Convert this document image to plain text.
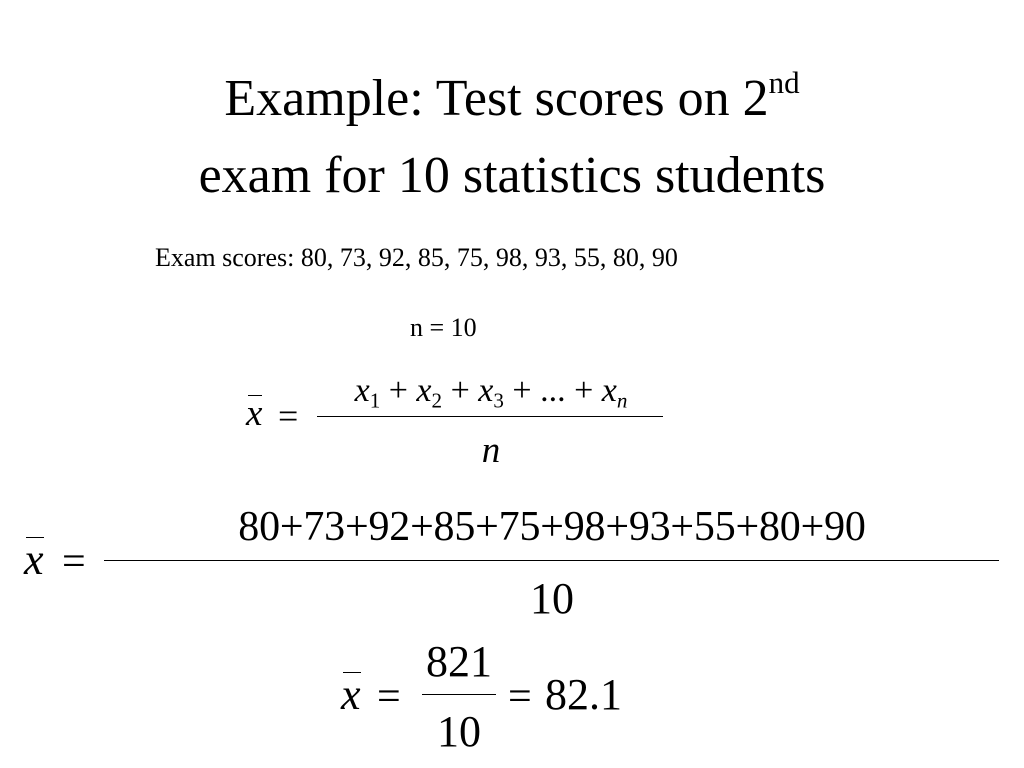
Example: Test scores on 2nd
exam for 10 statistics students
Exam scores: 80, 73, 92, 85, 75, 98, 93, 55, 80, 90
n = 10
x =
$x_1 + x_2 + x_3$ + ... + $x_n$
n
x =
80+73+92+85+75+98+93+55+80+90
10
x =
821
10
= 82.1
